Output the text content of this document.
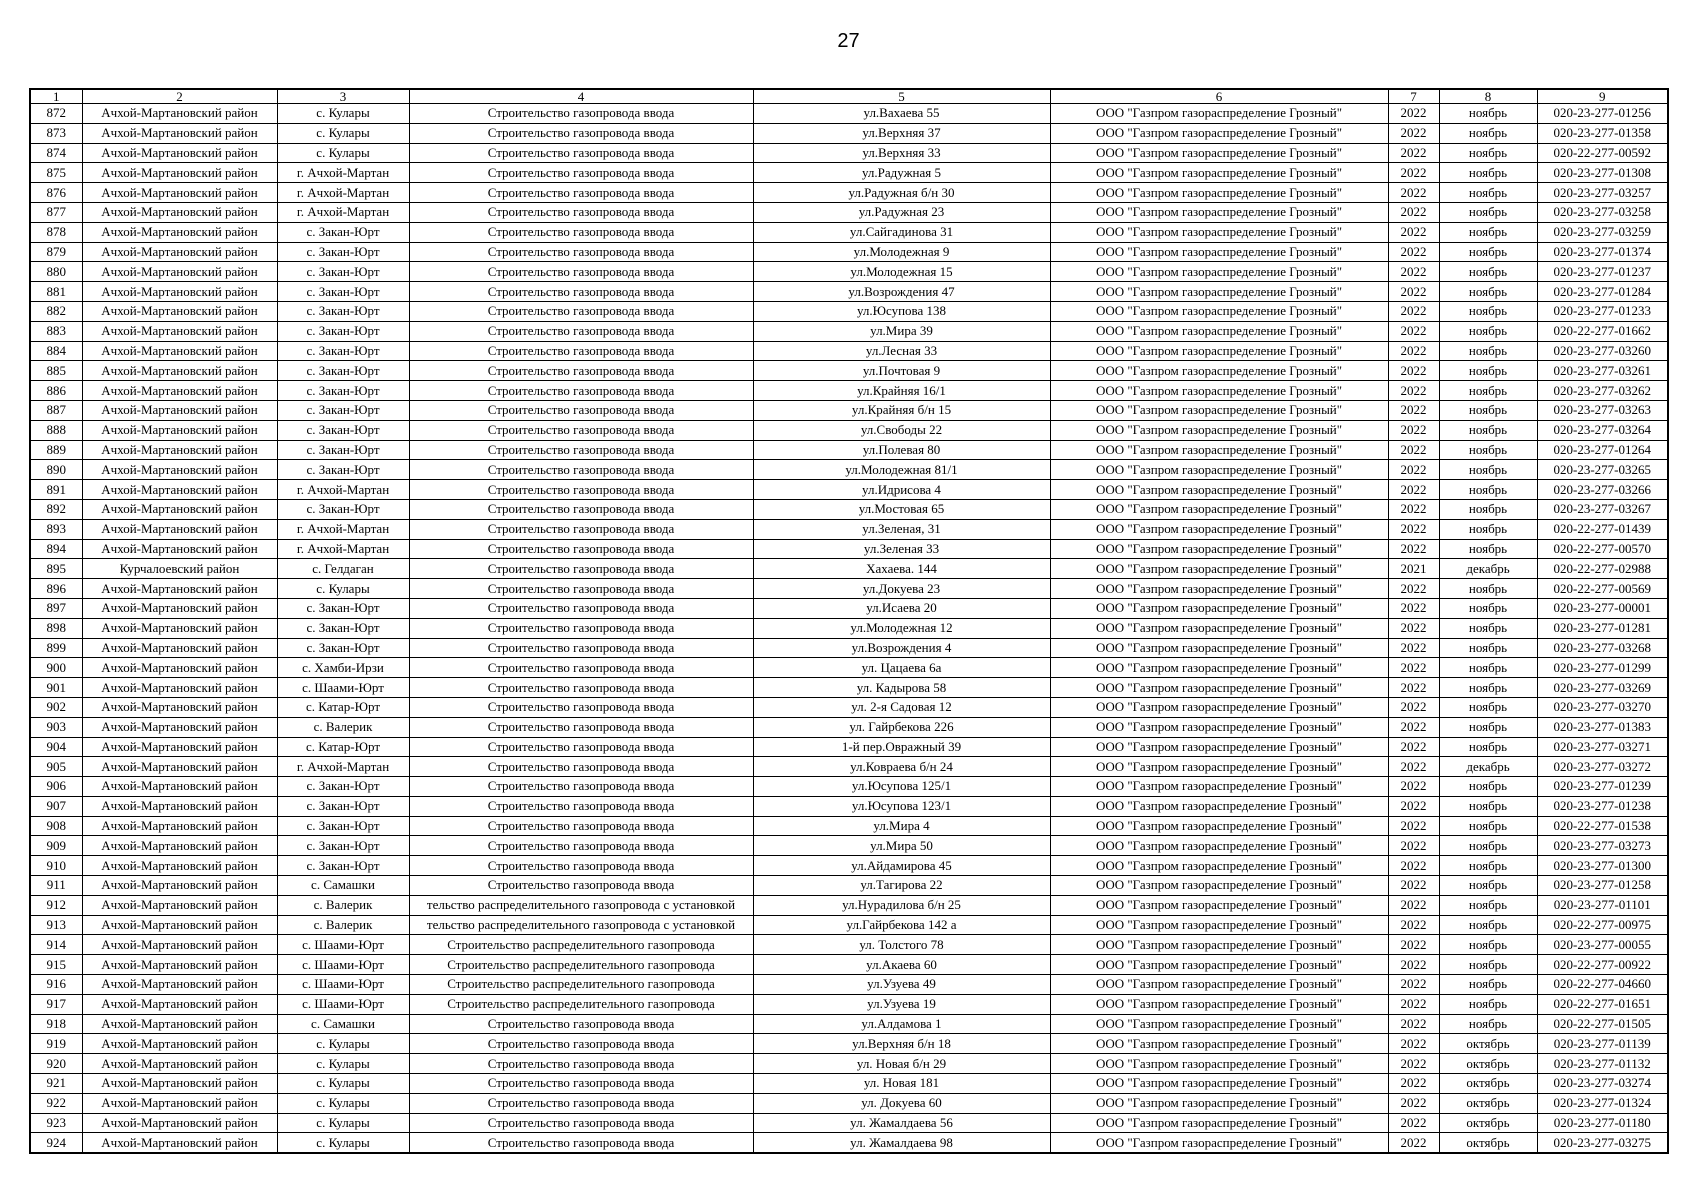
27
1	2	3	4	5	6	7	8	9
872	Ачхой-Мартановский район	с. Кулары	Строительство газопровода ввода	ул.Вахаева 55	ООО "Газпром газораспределение Грозный"	2022	ноябрь	020-23-277-01256
873	Ачхой-Мартановский район	с. Кулары	Строительство газопровода ввода	ул.Верхняя 37	ООО "Газпром газораспределение Грозный"	2022	ноябрь	020-23-277-01358
874	Ачхой-Мартановский район	с. Кулары	Строительство газопровода ввода	ул.Верхняя 33	ООО "Газпром газораспределение Грозный"	2022	ноябрь	020-22-277-00592
875	Ачхой-Мартановский район	г. Ачхой-Мартан	Строительство газопровода ввода	ул.Радужная 5	ООО "Газпром газораспределение Грозный"	2022	ноябрь	020-23-277-01308
876	Ачхой-Мартановский район	г. Ачхой-Мартан	Строительство газопровода ввода	ул.Радужная б/н 30	ООО "Газпром газораспределение Грозный"	2022	ноябрь	020-23-277-03257
877	Ачхой-Мартановский район	г. Ачхой-Мартан	Строительство газопровода ввода	ул.Радужная 23	ООО "Газпром газораспределение Грозный"	2022	ноябрь	020-23-277-03258
878	Ачхой-Мартановский район	с. Закан-Юрт	Строительство газопровода ввода	ул.Сайгадинова 31	ООО "Газпром газораспределение Грозный"	2022	ноябрь	020-23-277-03259
879	Ачхой-Мартановский район	с. Закан-Юрт	Строительство газопровода ввода	ул.Молодежная 9	ООО "Газпром газораспределение Грозный"	2022	ноябрь	020-23-277-01374
880	Ачхой-Мартановский район	с. Закан-Юрт	Строительство газопровода ввода	ул.Молодежная 15	ООО "Газпром газораспределение Грозный"	2022	ноябрь	020-23-277-01237
881	Ачхой-Мартановский район	с. Закан-Юрт	Строительство газопровода ввода	ул.Возрождения 47	ООО "Газпром газораспределение Грозный"	2022	ноябрь	020-23-277-01284
882	Ачхой-Мартановский район	с. Закан-Юрт	Строительство газопровода ввода	ул.Юсупова 138	ООО "Газпром газораспределение Грозный"	2022	ноябрь	020-23-277-01233
883	Ачхой-Мартановский район	с. Закан-Юрт	Строительство газопровода ввода	ул.Мира 39	ООО "Газпром газораспределение Грозный"	2022	ноябрь	020-22-277-01662
884	Ачхой-Мартановский район	с. Закан-Юрт	Строительство газопровода ввода	ул.Лесная 33	ООО "Газпром газораспределение Грозный"	2022	ноябрь	020-23-277-03260
885	Ачхой-Мартановский район	с. Закан-Юрт	Строительство газопровода ввода	ул.Почтовая 9	ООО "Газпром газораспределение Грозный"	2022	ноябрь	020-23-277-03261
886	Ачхой-Мартановский район	с. Закан-Юрт	Строительство газопровода ввода	ул.Крайняя 16/1	ООО "Газпром газораспределение Грозный"	2022	ноябрь	020-23-277-03262
887	Ачхой-Мартановский район	с. Закан-Юрт	Строительство газопровода ввода	ул.Крайняя б/н 15	ООО "Газпром газораспределение Грозный"	2022	ноябрь	020-23-277-03263
888	Ачхой-Мартановский район	с. Закан-Юрт	Строительство газопровода ввода	ул.Свободы 22	ООО "Газпром газораспределение Грозный"	2022	ноябрь	020-23-277-03264
889	Ачхой-Мартановский район	с. Закан-Юрт	Строительство газопровода ввода	ул.Полевая 80	ООО "Газпром газораспределение Грозный"	2022	ноябрь	020-23-277-01264
890	Ачхой-Мартановский район	с. Закан-Юрт	Строительство газопровода ввода	ул.Молодежная 81/1	ООО "Газпром газораспределение Грозный"	2022	ноябрь	020-23-277-03265
891	Ачхой-Мартановский район	г. Ачхой-Мартан	Строительство газопровода ввода	ул.Идрисова 4	ООО "Газпром газораспределение Грозный"	2022	ноябрь	020-23-277-03266
892	Ачхой-Мартановский район	с. Закан-Юрт	Строительство газопровода ввода	ул.Мостовая 65	ООО "Газпром газораспределение Грозный"	2022	ноябрь	020-23-277-03267
893	Ачхой-Мартановский район	г. Ачхой-Мартан	Строительство газопровода ввода	ул.Зеленая, 31	ООО "Газпром газораспределение Грозный"	2022	ноябрь	020-22-277-01439
894	Ачхой-Мартановский район	г. Ачхой-Мартан	Строительство газопровода ввода	ул.Зеленая 33	ООО "Газпром газораспределение Грозный"	2022	ноябрь	020-22-277-00570
895	Курчалоевский район	с. Гелдаган	Строительство газопровода ввода	Хахаева. 144	ООО "Газпром газораспределение Грозный"	2021	декабрь	020-22-277-02988
896	Ачхой-Мартановский район	с. Кулары	Строительство газопровода ввода	ул.Докуева 23	ООО "Газпром газораспределение Грозный"	2022	ноябрь	020-22-277-00569
897	Ачхой-Мартановский район	с. Закан-Юрт	Строительство газопровода ввода	ул.Исаева 20	ООО "Газпром газораспределение Грозный"	2022	ноябрь	020-23-277-00001
898	Ачхой-Мартановский район	с. Закан-Юрт	Строительство газопровода ввода	ул.Молодежная 12	ООО "Газпром газораспределение Грозный"	2022	ноябрь	020-23-277-01281
899	Ачхой-Мартановский район	с. Закан-Юрт	Строительство газопровода ввода	ул.Возрождения 4	ООО "Газпром газораспределение Грозный"	2022	ноябрь	020-23-277-03268
900	Ачхой-Мартановский район	с. Хамби-Ирзи	Строительство газопровода ввода	ул. Цацаева 6а	ООО "Газпром газораспределение Грозный"	2022	ноябрь	020-23-277-01299
901	Ачхой-Мартановский район	с. Шаами-Юрт	Строительство газопровода ввода	ул. Кадырова 58	ООО "Газпром газораспределение Грозный"	2022	ноябрь	020-23-277-03269
902	Ачхой-Мартановский район	с. Катар-Юрт	Строительство газопровода ввода	ул. 2-я Садовая 12	ООО "Газпром газораспределение Грозный"	2022	ноябрь	020-23-277-03270
903	Ачхой-Мартановский район	с. Валерик	Строительство газопровода ввода	ул. Гайрбекова 226	ООО "Газпром газораспределение Грозный"	2022	ноябрь	020-23-277-01383
904	Ачхой-Мартановский район	с. Катар-Юрт	Строительство газопровода ввода	1-й пер.Овражный 39	ООО "Газпром газораспределение Грозный"	2022	ноябрь	020-23-277-03271
905	Ачхой-Мартановский район	г. Ачхой-Мартан	Строительство газопровода ввода	ул.Ковраева б/н 24	ООО "Газпром газораспределение Грозный"	2022	декабрь	020-23-277-03272
906	Ачхой-Мартановский район	с. Закан-Юрт	Строительство газопровода ввода	ул.Юсупова 125/1	ООО "Газпром газораспределение Грозный"	2022	ноябрь	020-23-277-01239
907	Ачхой-Мартановский район	с. Закан-Юрт	Строительство газопровода ввода	ул.Юсупова 123/1	ООО "Газпром газораспределение Грозный"	2022	ноябрь	020-23-277-01238
908	Ачхой-Мартановский район	с. Закан-Юрт	Строительство газопровода ввода	ул.Мира 4	ООО "Газпром газораспределение Грозный"	2022	ноябрь	020-22-277-01538
909	Ачхой-Мартановский район	с. Закан-Юрт	Строительство газопровода ввода	ул.Мира 50	ООО "Газпром газораспределение Грозный"	2022	ноябрь	020-23-277-03273
910	Ачхой-Мартановский район	с. Закан-Юрт	Строительство газопровода ввода	ул.Айдамирова 45	ООО "Газпром газораспределение Грозный"	2022	ноябрь	020-23-277-01300
911	Ачхой-Мартановский район	с. Самашки	Строительство газопровода ввода	ул.Тагирова 22	ООО "Газпром газораспределение Грозный"	2022	ноябрь	020-23-277-01258
912	Ачхой-Мартановский район	с. Валерик	тельство распределительного газопровода с установкой	ул.Нурадилова б/н 25	ООО "Газпром газораспределение Грозный"	2022	ноябрь	020-23-277-01101
913	Ачхой-Мартановский район	с. Валерик	тельство распределительного газопровода с установкой	ул.Гайрбекова 142 а	ООО "Газпром газораспределение Грозный"	2022	ноябрь	020-22-277-00975
914	Ачхой-Мартановский район	с. Шаами-Юрт	Строительство распределительного газопровода	ул. Толстого 78	ООО "Газпром газораспределение Грозный"	2022	ноябрь	020-23-277-00055
915	Ачхой-Мартановский район	с. Шаами-Юрт	Строительство распределительного газопровода	ул.Акаева 60	ООО "Газпром газораспределение Грозный"	2022	ноябрь	020-22-277-00922
916	Ачхой-Мартановский район	с. Шаами-Юрт	Строительство распределительного газопровода	ул.Узуева 49	ООО "Газпром газораспределение Грозный"	2022	ноябрь	020-22-277-04660
917	Ачхой-Мартановский район	с. Шаами-Юрт	Строительство распределительного газопровода	ул.Узуева 19	ООО "Газпром газораспределение Грозный"	2022	ноябрь	020-22-277-01651
918	Ачхой-Мартановский район	с. Самашки	Строительство газопровода ввода	ул.Алдамова 1	ООО "Газпром газораспределение Грозный"	2022	ноябрь	020-22-277-01505
919	Ачхой-Мартановский район	с. Кулары	Строительство газопровода ввода	ул.Верхняя б/н 18	ООО "Газпром газораспределение Грозный"	2022	октябрь	020-23-277-01139
920	Ачхой-Мартановский район	с. Кулары	Строительство газопровода ввода	ул. Новая б/н 29	ООО "Газпром газораспределение Грозный"	2022	октябрь	020-23-277-01132
921	Ачхой-Мартановский район	с. Кулары	Строительство газопровода ввода	ул. Новая 181	ООО "Газпром газораспределение Грозный"	2022	октябрь	020-23-277-03274
922	Ачхой-Мартановский район	с. Кулары	Строительство газопровода ввода	ул. Докуева 60	ООО "Газпром газораспределение Грозный"	2022	октябрь	020-23-277-01324
923	Ачхой-Мартановский район	с. Кулары	Строительство газопровода ввода	ул. Жамалдаева 56	ООО "Газпром газораспределение Грозный"	2022	октябрь	020-23-277-01180
924	Ачхой-Мартановский район	с. Кулары	Строительство газопровода ввода	ул. Жамалдаева 98	ООО "Газпром газораспределение Грозный"	2022	октябрь	020-23-277-03275
